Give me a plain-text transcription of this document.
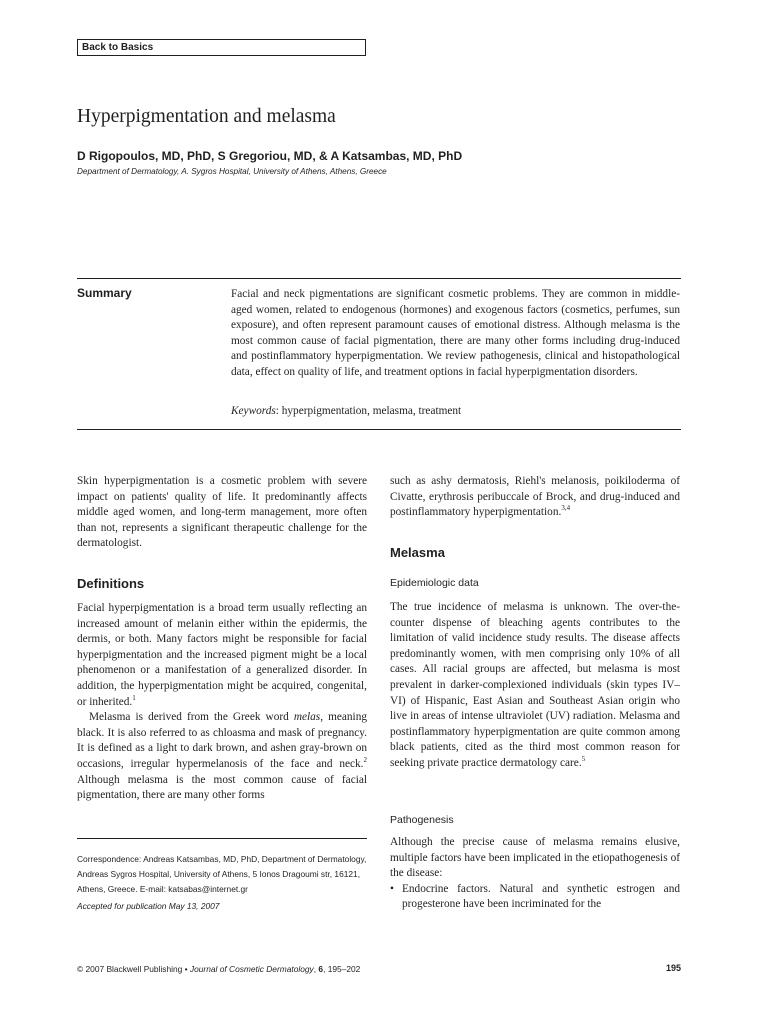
Back to Basics
Hyperpigmentation and melasma
D Rigopoulos, MD, PhD, S Gregoriou, MD, & A Katsambas, MD, PhD
Department of Dermatology, A. Sygros Hospital, University of Athens, Athens, Greece
Summary	Facial and neck pigmentations are significant cosmetic problems. They are common in middle-aged women, related to endogenous (hormones) and exogenous factors (cosmetics, perfumes, sun exposure), and often represent paramount causes of emotional distress. Although melasma is the most common cause of facial pigmentation, there are many other forms including drug-induced and postinflammatory hyperpigmentation. We review pathogenesis, clinical and histopathological data, effect on quality of life, and treatment options in facial hyperpigmentation disorders.
Keywords: hyperpigmentation, melasma, treatment

Skin hyperpigmentation is a cosmetic problem with severe impact on patients' quality of life. It predominantly affects middle aged women, and long-term management, more often than not, represents a significant therapeutic challenge for the dermatologist.

Definitions

Facial hyperpigmentation is a broad term usually reflecting an increased amount of melanin either within the epidermis, the dermis, or both. Many factors might be responsible for facial hyperpigmentation and the increased pigment might be a local phenomenon or a manifestation of a generalized disorder. In addition, the hyperpigmentation might be acquired, congenital, or inherited.$^1$

Melasma is derived from the Greek word melas, meaning black. It is also referred to as chloasma and mask of pregnancy. It is defined as a light to dark brown, and ashen gray-brown on occasions, irregular hypermelanosis of the face and neck.$^2$ Although melasma is the most common cause of facial pigmentation, there are many other forms

Correspondence: Andreas Katsambas, MD, PhD, Department of Dermatology, Andreas Sygros Hospital, University of Athens, 5 Ionos Dragoumi str, 16121, Athens, Greece. E-mail: katsabas@internet.gr
Accepted for publication May 13, 2007

such as ashy dermatosis, Riehl's melanosis, poikiloderma of Civatte, erythrosis peribuccale of Brock, and drug-induced and postinflammatory hyperpigmentation.$^{3,4}$

Melasma
Epidemiologic data

The true incidence of melasma is unknown. The over-the-counter dispense of bleaching agents contributes to the limitation of valid incidence study results. The disease affects predominantly women, with men comprising only 10% of all cases. All racial groups are affected, but melasma is most prevalent in darker-complexioned individuals (skin types IV–VI) of Hispanic, East Asian and Southeast Asian origin who live in areas of intense ultraviolet (UV) radiation. Melasma and postinflammatory hyperpigmentation are quite common among black patients, cited as the third most common reason for seeking private practice dermatology care.$^5$

Pathogenesis

Although the precise cause of melasma remains elusive, multiple factors have been implicated in the etiopathogenesis of the disease:

• Endocrine factors. Natural and synthetic estrogen and progesterone have been incriminated for the
© 2007 Blackwell Publishing • Journal of Cosmetic Dermatology, 6, 195–202	195
